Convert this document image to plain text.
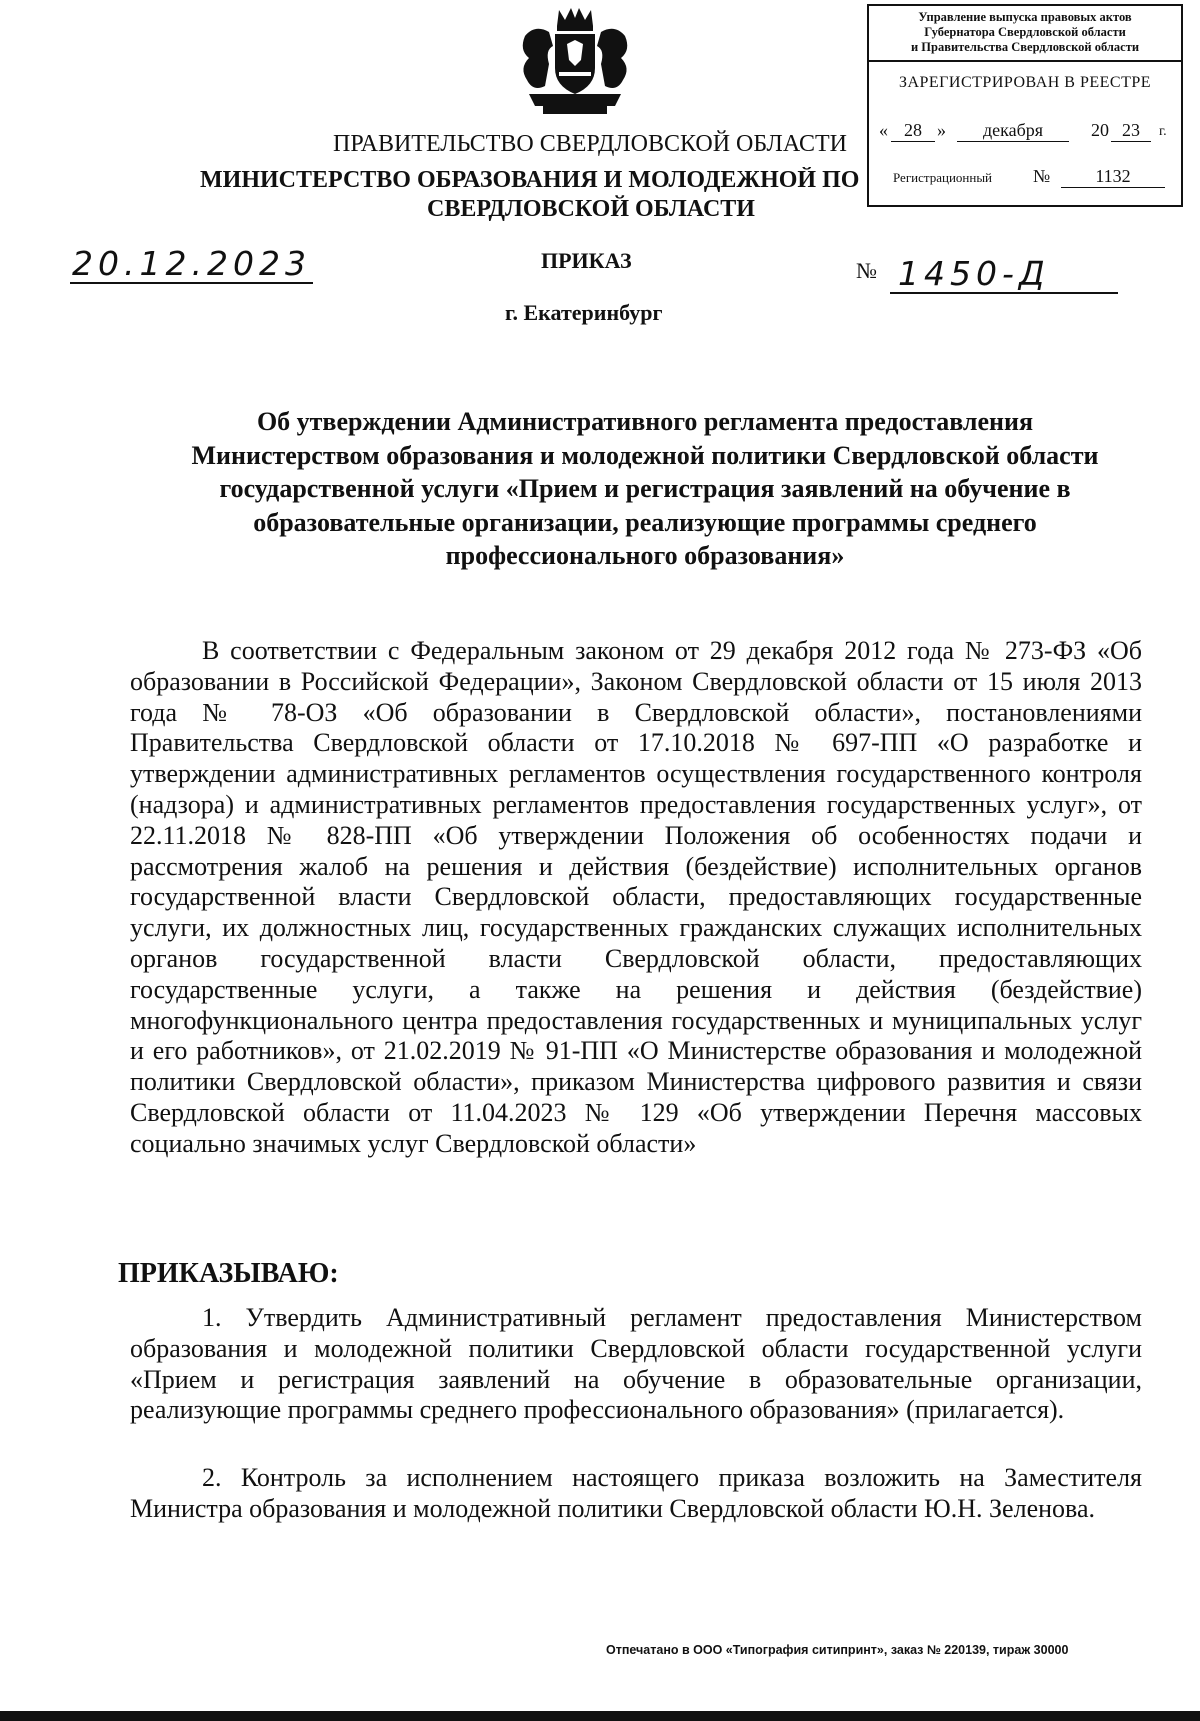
Управление выпуска правовых актов
Губернатора Свердловской области
и Правительства Свердловской области
ЗАРЕГИСТРИРОВАН В РЕЕСТРЕ
« 28 »	декабря	20 23	г.
Регистрационный №	1132
ПРАВИТЕЛЬСТВО СВЕРДЛОВСКОЙ ОБЛАСТИ
МИНИСТЕРСТВО ОБРАЗОВАНИЯ И МОЛОДЕЖНОЙ ПО
СВЕРДЛОВСКОЙ ОБЛАСТИ
20.12.2023	ПРИКАЗ	№ 1450-Д
г. Екатеринбург
Об утверждении Административного регламента предоставления Министерством образования и молодежной политики Свердловской области государственной услуги «Прием и регистрация заявлений на обучение в образовательные организации, реализующие программы среднего профессионального образования»
В соответствии с Федеральным законом от 29 декабря 2012 года № 273-ФЗ «Об образовании в Российской Федерации», Законом Свердловской области от 15 июля 2013 года № 78-ОЗ «Об образовании в Свердловской области», постановлениями Правительства Свердловской области от 17.10.2018 № 697-ПП «О разработке и утверждении административных регламентов осуществления государственного контроля (надзора) и административных регламентов предоставления государственных услуг», от 22.11.2018 № 828-ПП «Об утверждении Положения об особенностях подачи и рассмотрения жалоб на решения и действия (бездействие) исполнительных органов государственной власти Свердловской области, предоставляющих государственные услуги, их должностных лиц, государственных гражданских служащих исполнительных органов государственной власти Свердловской области, предоставляющих государственные услуги, а также на решения и действия (бездействие) многофункционального центра предоставления государственных и муниципальных услуг и его работников», от 21.02.2019 № 91-ПП «О Министерстве образования и молодежной политики Свердловской области», приказом Министерства цифрового развития и связи Свердловской области от 11.04.2023 № 129 «Об утверждении Перечня массовых социально значимых услуг Свердловской области»
ПРИКАЗЫВАЮ:
1. Утвердить Административный регламент предоставления Министерством образования и молодежной политики Свердловской области государственной услуги «Прием и регистрация заявлений на обучение в образовательные организации, реализующие программы среднего профессионального образования» (прилагается).
2. Контроль за исполнением настоящего приказа возложить на Заместителя Министра образования и молодежной политики Свердловской области Ю.Н. Зеленова.
Отпечатано в ООО «Типография ситипринт», заказ № 220139, тираж 30000
